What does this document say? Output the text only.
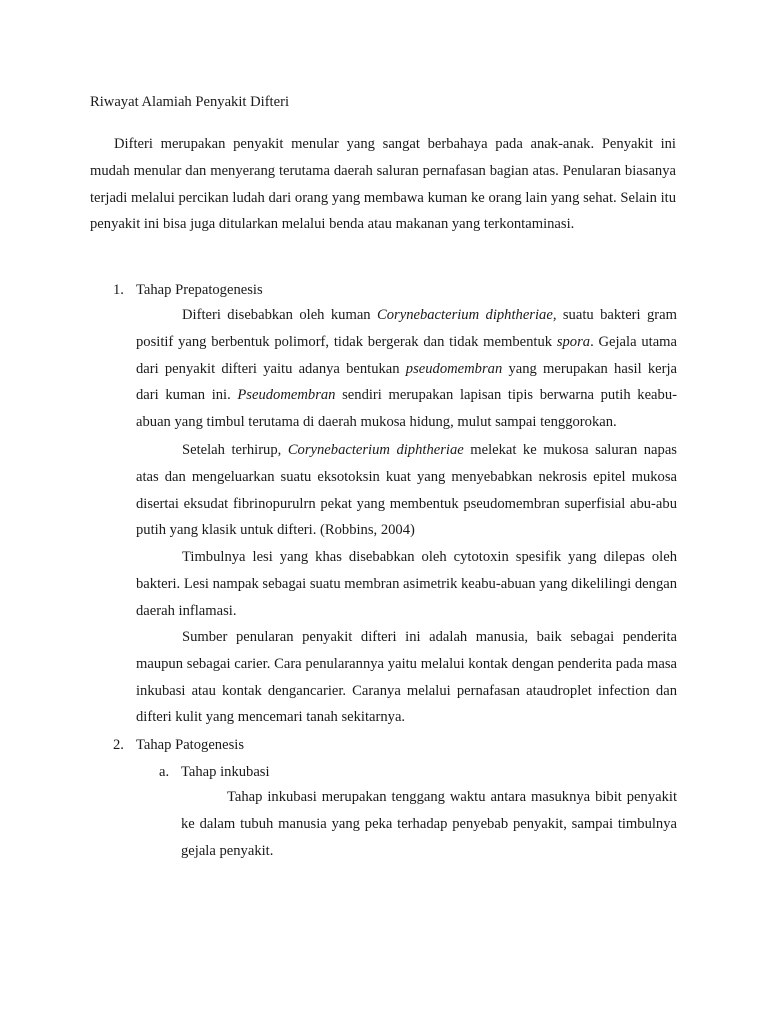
Riwayat Alamiah Penyakit Difteri

Difteri merupakan penyakit menular yang sangat berbahaya pada anak-anak. Penyakit ini mudah menular dan menyerang terutama daerah saluran pernafasan bagian atas. Penularan biasanya terjadi melalui percikan ludah dari orang yang membawa kuman ke orang lain yang sehat. Selain itu penyakit ini bisa juga ditularkan melalui benda atau makanan yang terkontaminasi.

1. Tahap Prepatogenesis

Difteri disebabkan oleh kuman Corynebacterium diphtheriae, suatu bakteri gram positif yang berbentuk polimorf, tidak bergerak dan tidak membentuk spora. Gejala utama dari penyakit difteri yaitu adanya bentukan pseudomembran yang merupakan hasil kerja dari kuman ini. Pseudomembran sendiri merupakan lapisan tipis berwarna putih keabu-abuan yang timbul terutama di daerah mukosa hidung, mulut sampai tenggorokan.

Setelah terhirup, Corynebacterium diphtheriae melekat ke mukosa saluran napas atas dan mengeluarkan suatu eksotoksin kuat yang menyebabkan nekrosis epitel mukosa disertai eksudat fibrinopurulrn pekat yang membentuk pseudomembran superfisial abu-abu putih yang klasik untuk difteri. (Robbins, 2004)

Timbulnya lesi yang khas disebabkan oleh cytotoxin spesifik yang dilepas oleh bakteri. Lesi nampak sebagai suatu membran asimetrik keabu-abuan yang dikelilingi dengan daerah inflamasi.

Sumber penularan penyakit difteri ini adalah manusia, baik sebagai penderita maupun sebagai carier. Cara penularannya yaitu melalui kontak dengan penderita pada masa inkubasi atau kontak dengancarier. Caranya melalui pernafasan ataudroplet infection dan difteri kulit yang mencemari tanah sekitarnya.

2. Tahap Patogenesis
a. Tahap inkubasi

Tahap inkubasi merupakan tenggang waktu antara masuknya bibit penyakit ke dalam tubuh manusia yang peka terhadap penyebab penyakit, sampai timbulnya gejala penyakit.
